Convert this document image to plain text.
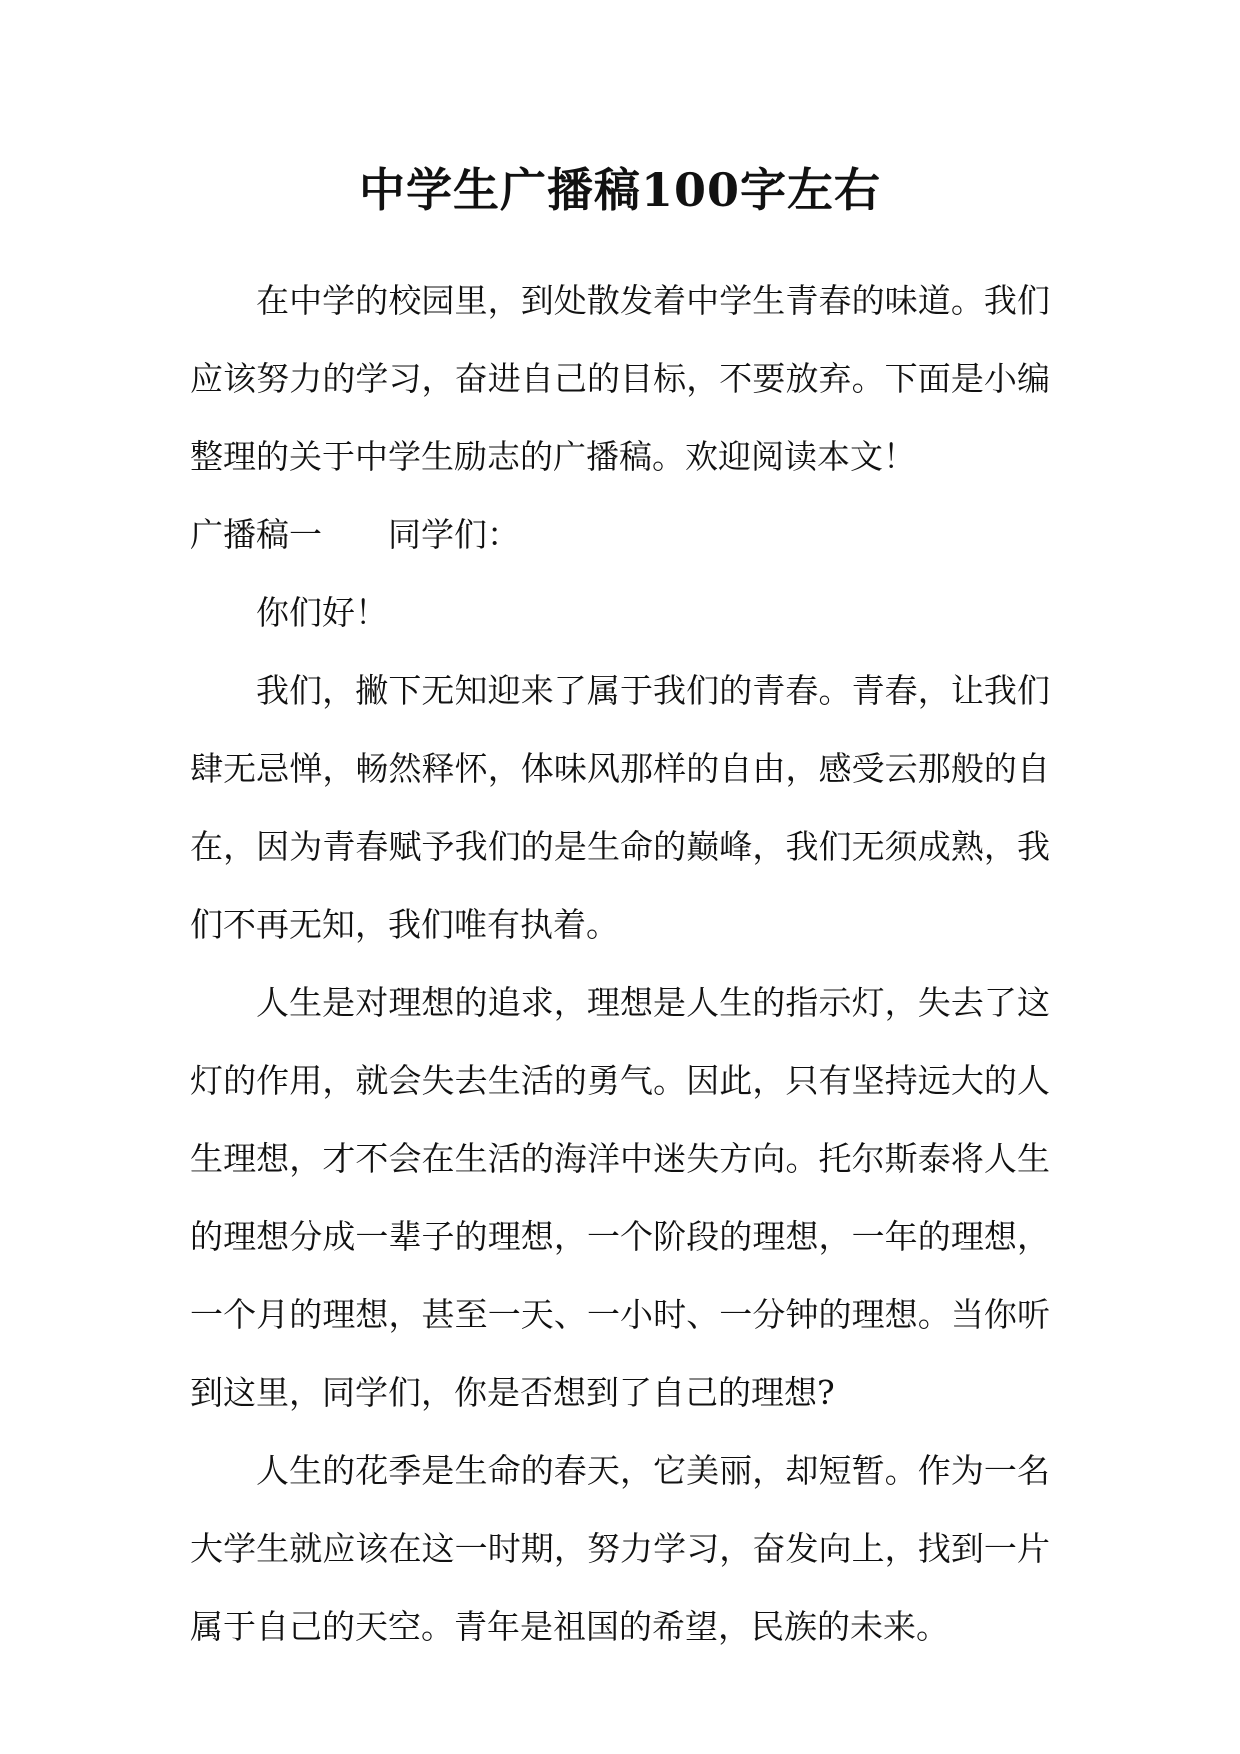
中学生广播稿100字左右

在中学的校园里，到处散发着中学生青春的味道。我们应该努力的学习，奋进自己的目标，不要放弃。下面是小编整理的关于中学生励志的广播稿。欢迎阅读本文！

广播稿一 同学们：

你们好！

我们，撇下无知迎来了属于我们的青春。青春，让我们肆无忌惮，畅然释怀，体味风那样的自由，感受云那般的自在，因为青春赋予我们的是生命的巅峰，我们无须成熟，我们不再无知，我们唯有执着。

人生是对理想的追求，理想是人生的指示灯，失去了这灯的作用，就会失去生活的勇气。因此，只有坚持远大的人生理想，才不会在生活的海洋中迷失方向。托尔斯泰将人生的理想分成一辈子的理想，一个阶段的理想，一年的理想，一个月的理想，甚至一天、一小时、一分钟的理想。当你听到这里，同学们，你是否想到了自己的理想?

人生的花季是生命的春天，它美丽，却短暂。作为一名大学生就应该在这一时期，努力学习，奋发向上，找到一片属于自己的天空。青年是祖国的希望，民族的未来。
